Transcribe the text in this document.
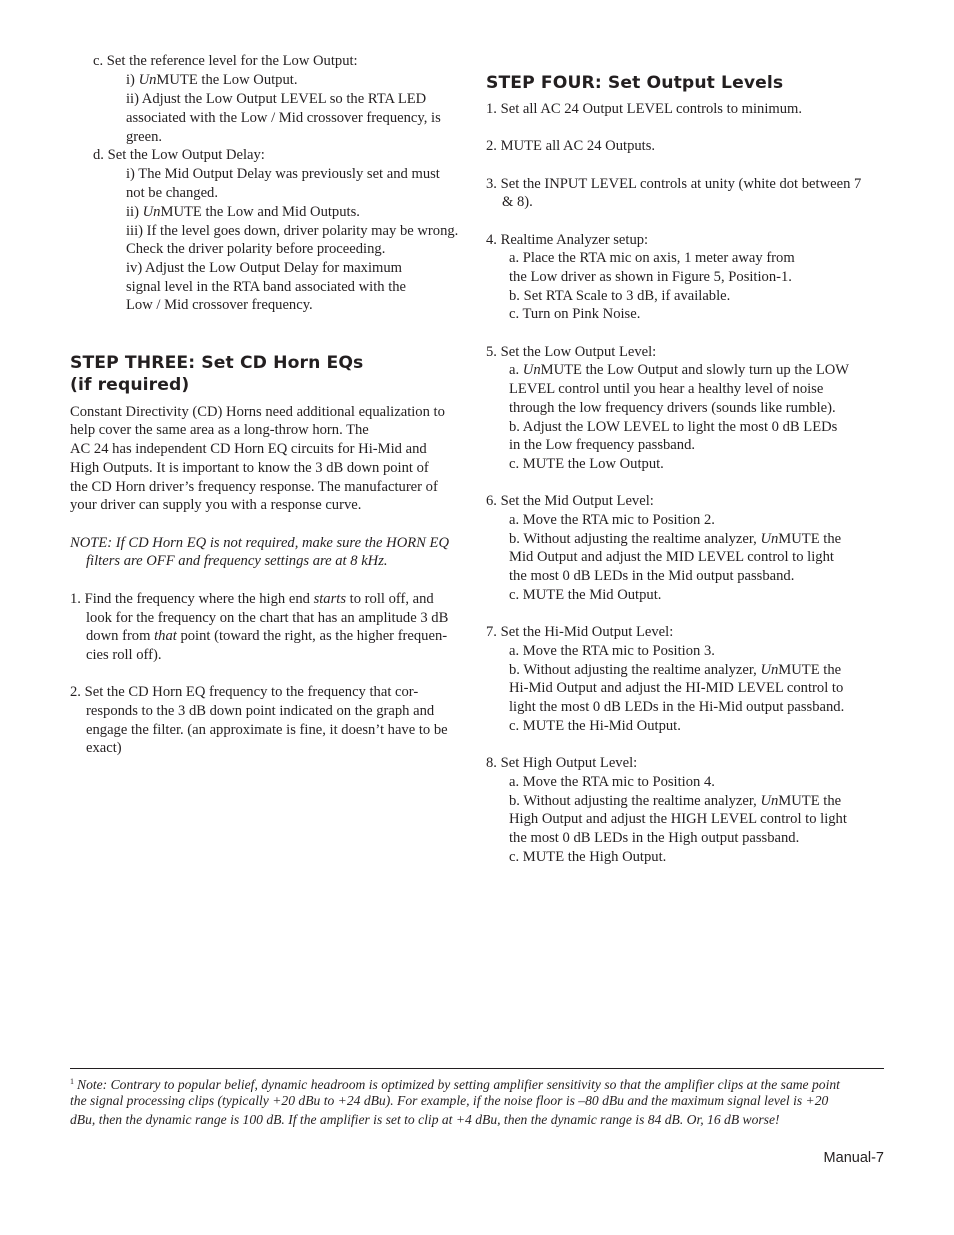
c. Set the reference level for the Low Output:
i) UnMUTE the Low Output.
ii) Adjust the Low Output LEVEL so the RTA LED
associated with the Low / Mid crossover frequency, is
green.
d. Set the Low Output Delay:
i) The Mid Output Delay was previously set and must
not be changed.
ii) UnMUTE the Low and Mid Outputs.
iii) If the level goes down, driver polarity may be wrong.
Check the driver polarity before proceeding.
iv) Adjust the Low Output Delay for maximum
signal level in the RTA band associated with the
Low / Mid crossover frequency.
STEP THREE: Set CD Horn EQs
(if required)
Constant Directivity (CD) Horns need additional equalization to
help cover the same area as a long-throw horn. The
AC 24 has independent CD Horn EQ circuits for Hi-Mid and
High Outputs. It is important to know the 3 dB down point of
the CD Horn driver’s frequency response. The manufacturer of
your driver can supply you with a response curve.
NOTE: If CD Horn EQ is not required, make sure the HORN EQ
filters are OFF and frequency settings are at 8 kHz.
1. Find the frequency where the high end starts to roll off, and
look for the frequency on the chart that has an amplitude 3 dB
down from that point (toward the right, as the higher frequen-
cies roll off).
2. Set the CD Horn EQ frequency to the frequency that cor-
responds to the 3 dB down point indicated on the graph and
engage the filter. (an approximate is fine, it doesn’t have to be
exact)
STEP FOUR: Set Output Levels
1. Set all AC 24 Output LEVEL controls to minimum.
2. MUTE all AC 24 Outputs.
3. Set the INPUT LEVEL controls at unity (white dot between 7
& 8).
4. Realtime Analyzer setup:
a. Place the RTA mic on axis, 1 meter away from
the Low driver as shown in Figure 5, Position-1.
b. Set RTA Scale to 3 dB, if available.
c. Turn on Pink Noise.
5. Set the Low Output Level:
a. UnMUTE the Low Output and slowly turn up the LOW
LEVEL control until you hear a healthy level of noise
through the low frequency drivers (sounds like rumble).
b. Adjust the LOW LEVEL to light the most 0 dB LEDs
in the Low frequency passband.
c. MUTE the Low Output.
6. Set the Mid Output Level:
a. Move the RTA mic to Position 2.
b. Without adjusting the realtime analyzer, UnMUTE the
Mid Output and adjust the MID LEVEL control to light
the most 0 dB LEDs in the Mid output passband.
c. MUTE the Mid Output.
7. Set the Hi-Mid Output Level:
a. Move the RTA mic to Position 3.
b. Without adjusting the realtime analyzer, UnMUTE the
Hi-Mid Output and adjust the HI-MID LEVEL control to
light the most 0 dB LEDs in the Hi-Mid output passband.
c. MUTE the Hi-Mid Output.
8. Set High Output Level:
a. Move the RTA mic to Position 4.
b. Without adjusting the realtime analyzer, UnMUTE the
High Output and adjust the HIGH LEVEL control to light
the most 0 dB LEDs in the High output passband.
c. MUTE the High Output.
$^1$ Note: Contrary to popular belief, dynamic headroom is optimized by setting amplifier sensitivity so that the amplifier clips at the same point
the signal processing clips (typically +20 dBu to +24 dBu). For example, if the noise floor is –80 dBu and the maximum signal level is +20
dBu, then the dynamic range is 100 dB. If the amplifier is set to clip at +4 dBu, then the dynamic range is 84 dB. Or, 16 dB worse!
Manual-7
